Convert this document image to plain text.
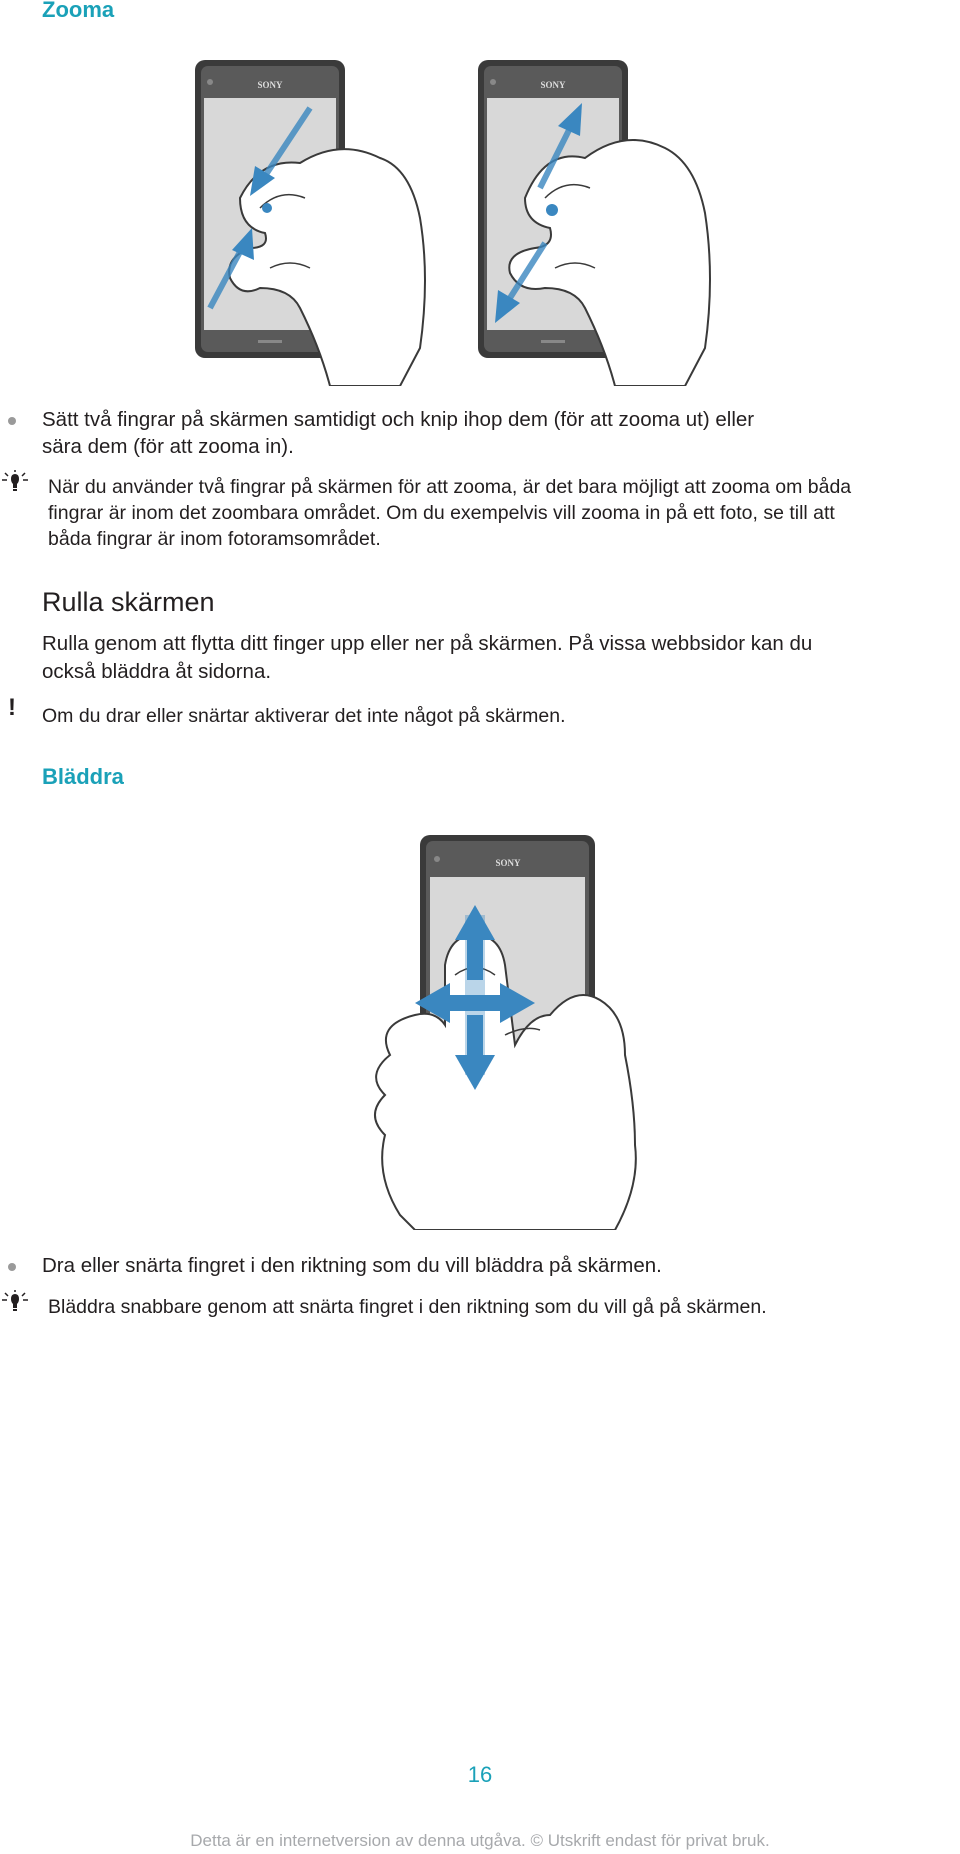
Zooma
SONY	SONY
Sätt två fingrar på skärmen samtidigt och knip ihop dem (för att zooma ut) eller
sära dem (för att zooma in).
När du använder två fingrar på skärmen för att zooma, är det bara möjligt att zooma om båda
fingrar är inom det zoombara området. Om du exempelvis vill zooma in på ett foto, se till att
båda fingrar är inom fotoramsområdet.
Rulla skärmen
Rulla genom att flytta ditt finger upp eller ner på skärmen. På vissa webbsidor kan du
också bläddra åt sidorna.
! Om du drar eller snärtar aktiverar det inte något på skärmen.
Bläddra
SONY
Dra eller snärta fingret i den riktning som du vill bläddra på skärmen.
Bläddra snabbare genom att snärta fingret i den riktning som du vill gå på skärmen.
16
Detta är en internetversion av denna utgåva. © Utskrift endast för privat bruk.
